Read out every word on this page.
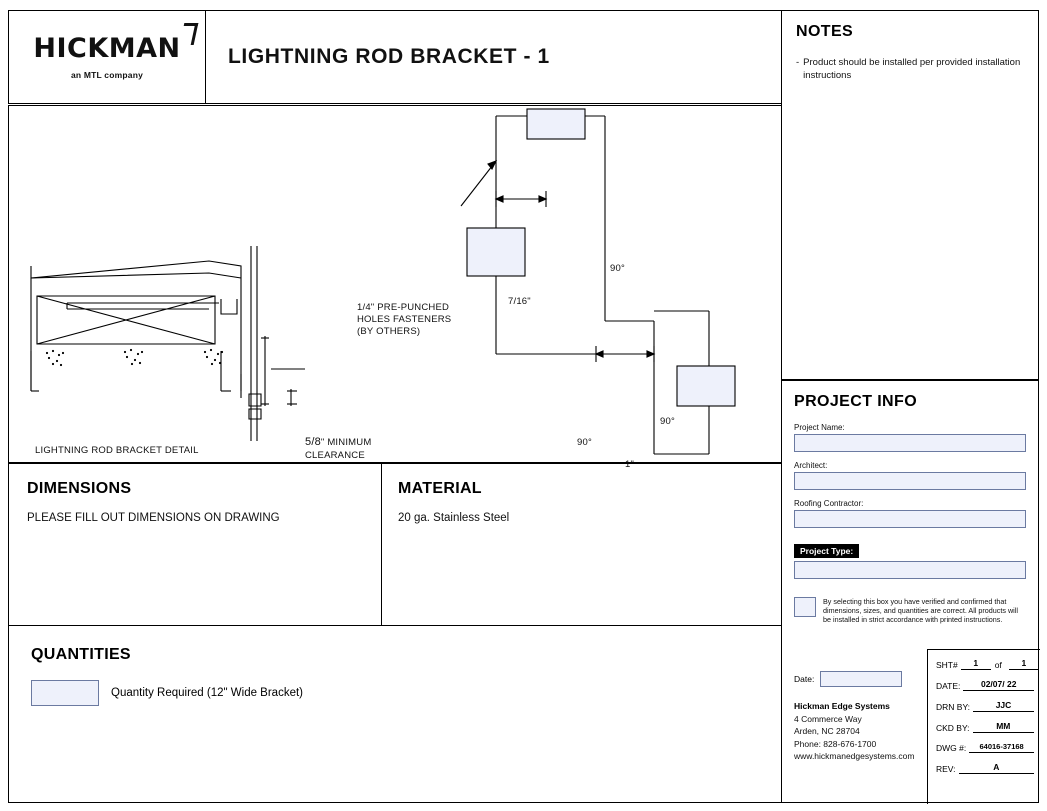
HICKMAN
an MTL company
LIGHTNING ROD BRACKET - 1
NOTES
- Product should be installed per provided installation instructions
1/4" PRE-PUNCHED
HOLES FASTENERS
(BY OTHERS)
7/16"
1"
90°
90°
90°
5/8" MINIMUM
CLEARANCE
LIGHTNING ROD BRACKET DETAIL
DIMENSIONS
PLEASE FILL OUT DIMENSIONS ON DRAWING
MATERIAL
20 ga. Stainless Steel
QUANTITIES
Quantity Required (12" Wide Bracket)
PROJECT INFO
Project Name:
Architect:
Roofing Contractor:
Project Type:
By selecting this box you have verified and confirmed that dimensions, sizes, and quantities are correct. All products will be installed in strict accordance with printed instructions.
Date:
Hickman Edge Systems
4 Commerce Way
Arden, NC 28704
Phone: 828-676-1700
www.hickmanedgesystems.com
SHT#	1	of	1
DATE:	02/07/ 22
DRN BY:	JJC
CKD BY:	MM
DWG #:	64016-37168
REV:	A
